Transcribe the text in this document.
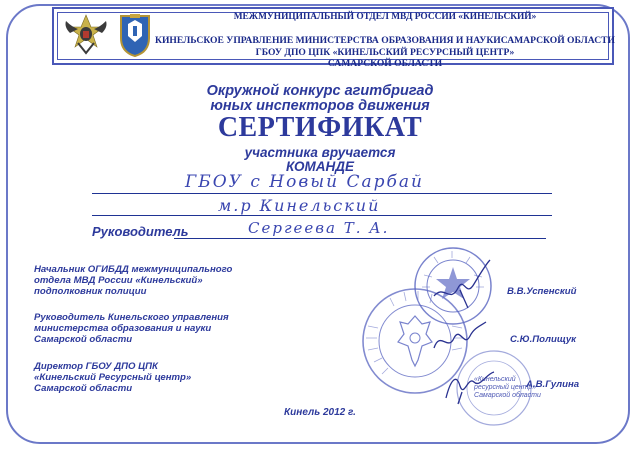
МЕЖМУНИЦИПАЛЬНЫЙ ОТДЕЛ МВД РОССИИ «КИНЕЛЬСКИЙ»
КИНЕЛЬСКОЕ УПРАВЛЕНИЕ МИНИСТЕРСТВА ОБРАЗОВАНИЯ И НАУКИСАМАРСКОЙ ОБЛАСТИ
ГБОУ ДПО ЦПК «КИНЕЛЬСКИЙ РЕСУРСНЫЙ ЦЕНТР»
САМАРСКОЙ ОБЛАСТИ
Окружной конкурс агитбригад
юных инспекторов движения
СЕРТИФИКАТ
участника вручается
КОМАНДЕ
ГБОУ с Новый Сарбай
м.р Кинельский
Руководитель	Сергеева Т. А.
Начальник ОГИБДД межмуниципального
отдела МВД России «Кинельский»
подполковник полиции
Руководитель Кинельского управления
министерства образования и науки
Самарской области
Директор ГБОУ ДПО ЦПК
«Кинельский Ресурсный центр»
Самарской области
«Кинельский
ресурсный центр»
Самарской области
В.В.Успенский
С.Ю.Полищук
А.В.Гулина
Кинель 2012 г.
